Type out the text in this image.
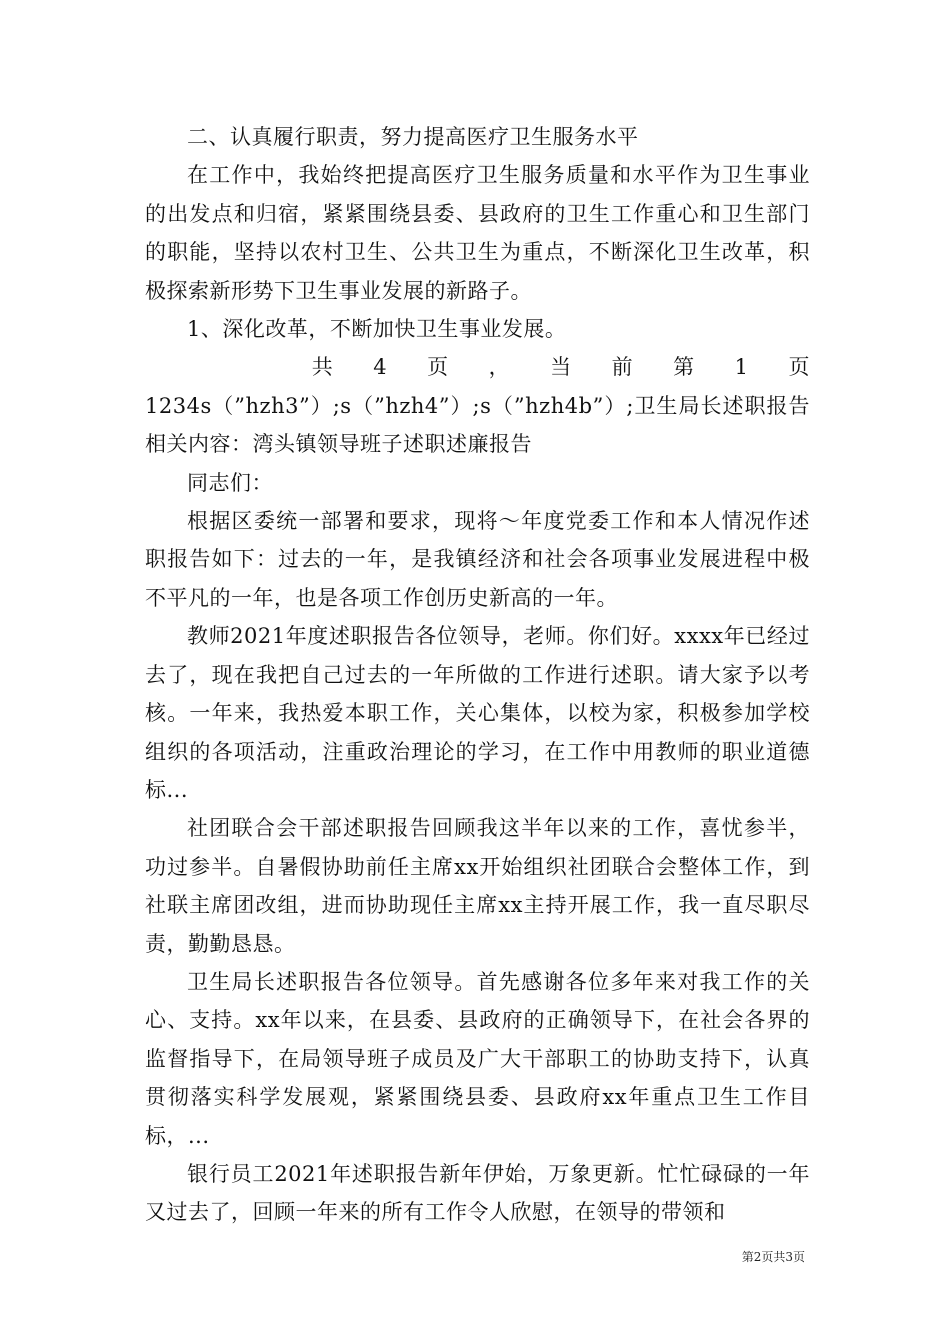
二、认真履行职责，努力提高医疗卫生服务水平

在工作中，我始终把提高医疗卫生服务质量和水平作为卫生事业的出发点和归宿，紧紧围绕县委、县政府的卫生工作重心和卫生部门的职能，坚持以农村卫生、公共卫生为重点，不断深化卫生改革，积极探索新形势下卫生事业发展的新路子。

1、深化改革，不断加快卫生事业发展。

共 4 页 ， 当 前 第 1 页

1234s（”hzh3”）;s（”hzh4”）;s（”hzh4b”）;卫生局长述职报告相关内容：湾头镇领导班子述职述廉报告

同志们：

根据区委统一部署和要求，现将～年度党委工作和本人情况作述职报告如下：过去的一年，是我镇经济和社会各项事业发展进程中极不平凡的一年，也是各项工作创历史新高的一年。

教师2021年度述职报告各位领导，老师。你们好。xxxx年已经过去了，现在我把自己过去的一年所做的工作进行述职。请大家予以考核。一年来，我热爱本职工作，关心集体，以校为家，积极参加学校组织的各项活动，注重政治理论的学习，在工作中用教师的职业道德标...

社团联合会干部述职报告回顾我这半年以来的工作，喜忧参半，功过参半。自暑假协助前任主席xx开始组织社团联合会整体工作，到社联主席团改组，进而协助现任主席xx主持开展工作，我一直尽职尽责，勤勤恳恳。

卫生局长述职报告各位领导。首先感谢各位多年来对我工作的关心、支持。xx年以来，在县委、县政府的正确领导下，在社会各界的监督指导下，在局领导班子成员及广大干部职工的协助支持下，认真贯彻落实科学发展观，紧紧围绕县委、县政府xx年重点卫生工作目标，...

银行员工2021年述职报告新年伊始，万象更新。忙忙碌碌的一年又过去了，回顾一年来的所有工作令人欣慰，在领导的带领和

第2页共3页
